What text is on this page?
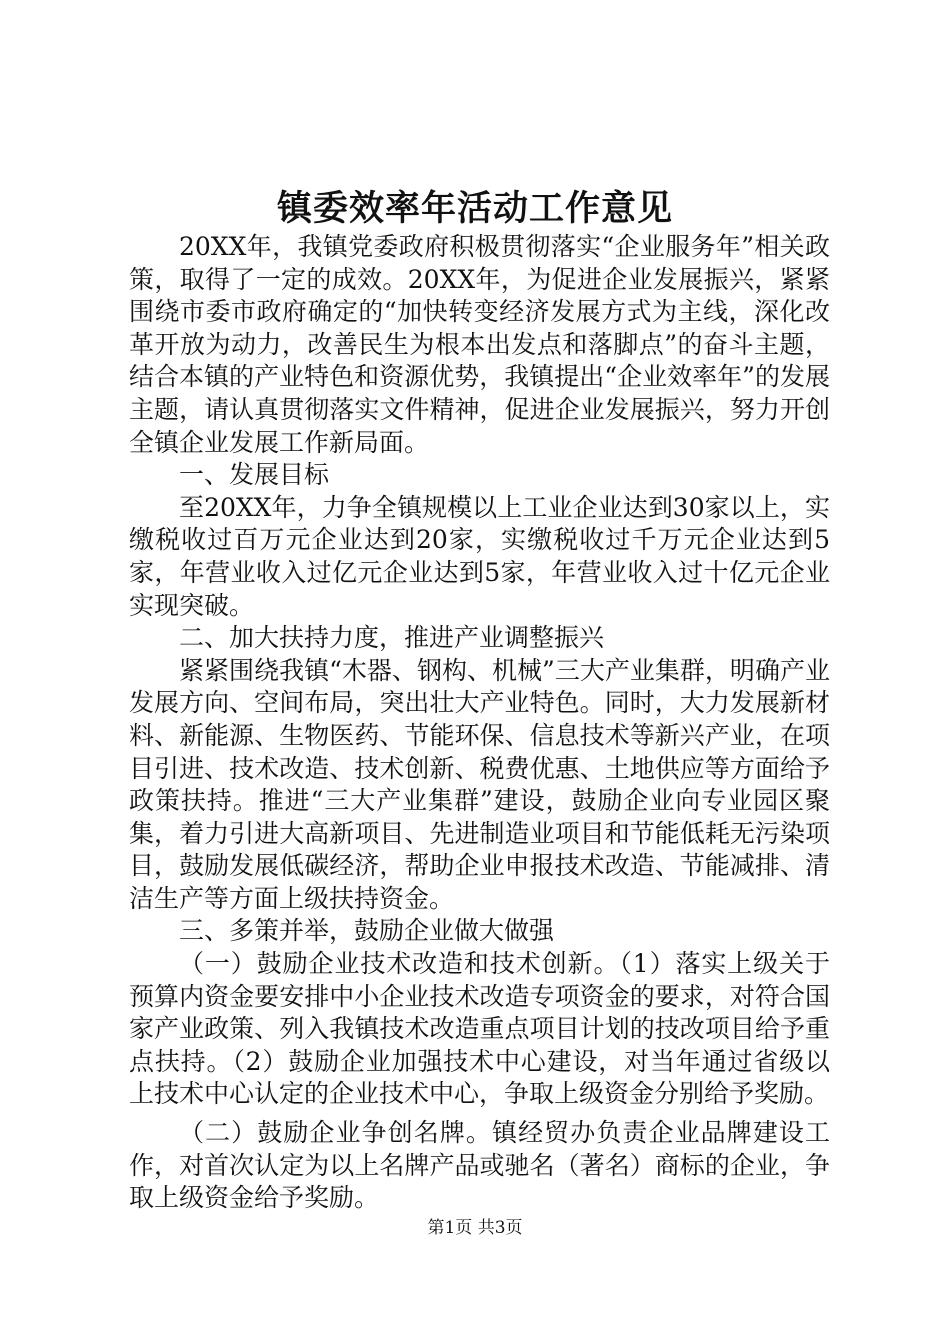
镇委效率年活动工作意见

20XX年，我镇党委政府积极贯彻落实“企业服务年”相关政策，取得了一定的成效。20XX年，为促进企业发展振兴，紧紧围绕市委市政府确定的“加快转变经济发展方式为主线，深化改革开放为动力，改善民生为根本出发点和落脚点”的奋斗主题，结合本镇的产业特色和资源优势，我镇提出“企业效率年”的发展主题，请认真贯彻落实文件精神，促进企业发展振兴，努力开创全镇企业发展工作新局面。

一、发展目标

至20XX年，力争全镇规模以上工业企业达到30家以上，实缴税收过百万元企业达到20家，实缴税收过千万元企业达到5家，年营业收入过亿元企业达到5家，年营业收入过十亿元企业实现突破。

二、加大扶持力度，推进产业调整振兴

紧紧围绕我镇“木器、钢构、机械”三大产业集群，明确产业发展方向、空间布局，突出壮大产业特色。同时，大力发展新材料、新能源、生物医药、节能环保、信息技术等新兴产业，在项目引进、技术改造、技术创新、税费优惠、土地供应等方面给予政策扶持。推进“三大产业集群”建设，鼓励企业向专业园区聚集，着力引进大高新项目、先进制造业项目和节能低耗无污染项目，鼓励发展低碳经济，帮助企业申报技术改造、节能减排、清洁生产等方面上级扶持资金。

三、多策并举，鼓励企业做大做强

（一）鼓励企业技术改造和技术创新。（1）落实上级关于预算内资金要安排中小企业技术改造专项资金的要求，对符合国家产业政策、列入我镇技术改造重点项目计划的技改项目给予重点扶持。（2）鼓励企业加强技术中心建设，对当年通过省级以上技术中心认定的企业技术中心，争取上级资金分别给予奖励。

（二）鼓励企业争创名牌。镇经贸办负责企业品牌建设工作，对首次认定为以上名牌产品或驰名（著名）商标的企业，争取上级资金给予奖励。

第1页 共3页
